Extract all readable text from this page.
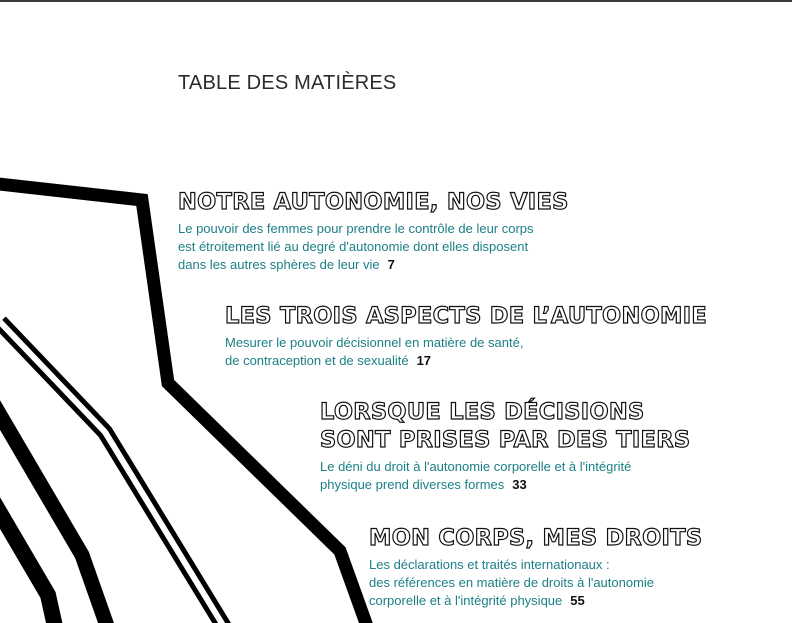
TABLE DES MATIÈRES
NOTRE AUTONOMIE, NOS VIES

Le pouvoir des femmes pour prendre le contrôle de leur corps
est étroitement lié au degré d'autonomie dont elles disposent
dans les autres sphères de leur vie 7

LES TROIS ASPECTS DE L’AUTONOMIE

Mesurer le pouvoir décisionnel en matière de santé,
de contraception et de sexualité 17

LORSQUE LES DÉCISIONS
SONT PRISES PAR DES TIERS

Le déni du droit à l'autonomie corporelle et à l'intégrité
physique prend diverses formes 33

MON CORPS, MES DROITS

Les déclarations et traités internationaux :
des références en matière de droits à l'autonomie
corporelle et à l'intégrité physique 55
